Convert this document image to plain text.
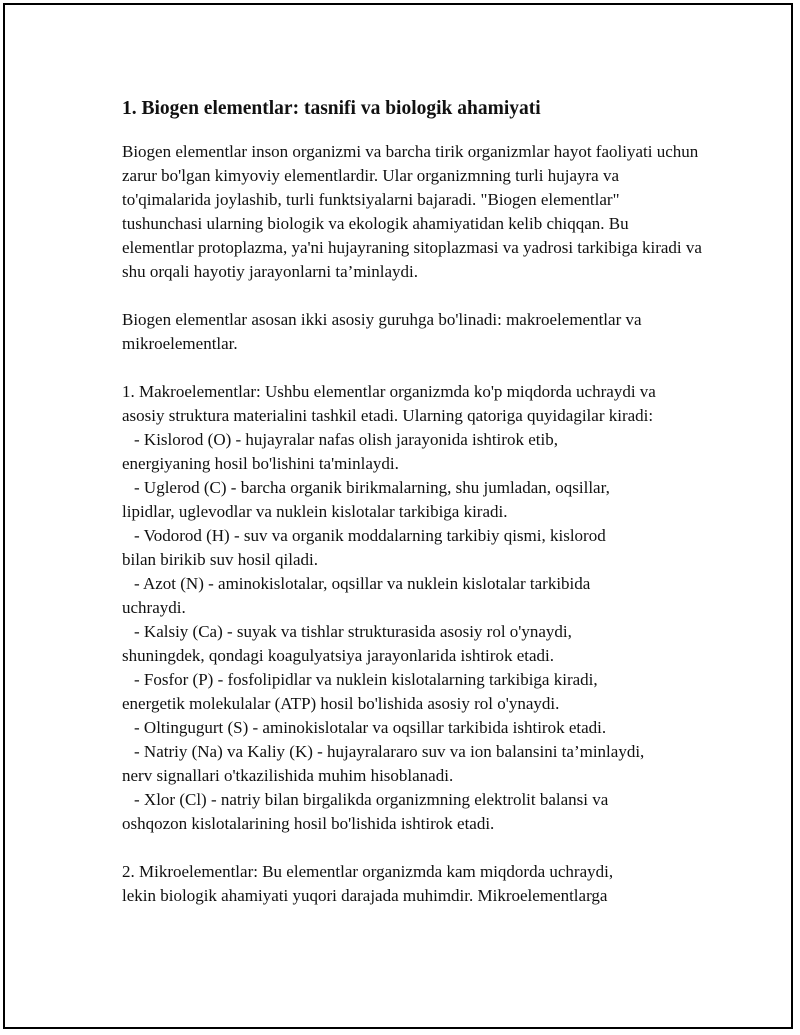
1. Biogen elementlar: tasnifi va biologik ahamiyati

Biogen elementlar inson organizmi va barcha tirik organizmlar hayot faoliyati uchun zarur bo'lgan kimyoviy elementlardir. Ular organizmning turli hujayra va to'qimalarida joylashib, turli funktsiyalarni bajaradi. "Biogen elementlar" tushunchasi ularning biologik va ekologik ahamiyatidan kelib chiqqan. Bu elementlar protoplazma, ya'ni hujayraning sitoplazmasi va yadrosi tarkibiga kiradi va shu orqali hayotiy jarayonlarni ta’minlaydi.

Biogen elementlar asosan ikki asosiy guruhga bo'linadi: makroelementlar va mikroelementlar.

1. Makroelementlar: Ushbu elementlar organizmda ko'p miqdorda uchraydi va asosiy struktura materialini tashkil etadi. Ularning qatoriga quyidagilar kiradi:

- Kislorod (O) - hujayralar nafas olish jarayonida ishtirok etib,
energiyaning hosil bo'lishini ta'minlaydi.
- Uglerod (C) - barcha organik birikmalarning, shu jumladan, oqsillar,
lipidlar, uglevodlar va nuklein kislotalar tarkibiga kiradi.
- Vodorod (H) - suv va organik moddalarning tarkibiy qismi, kislorod
bilan birikib suv hosil qiladi.
- Azot (N) - aminokislotalar, oqsillar va nuklein kislotalar tarkibida
uchraydi.
- Kalsiy (Ca) - suyak va tishlar strukturasida asosiy rol o'ynaydi,
shuningdek, qondagi koagulyatsiya jarayonlarida ishtirok etadi.
- Fosfor (P) - fosfolipidlar va nuklein kislotalarning tarkibiga kiradi,
energetik molekulalar (ATP) hosil bo'lishida asosiy rol o'ynaydi.
- Oltingugurt (S) - aminokislotalar va oqsillar tarkibida ishtirok etadi.
- Natriy (Na) va Kaliy (K) - hujayralararo suv va ion balansini ta’minlaydi,
nerv signallari o'tkazilishida muhim hisoblanadi.
- Xlor (Cl) - natriy bilan birgalikda organizmning elektrolit balansi va
oshqozon kislotalarining hosil bo'lishida ishtirok etadi.
2. Mikroelementlar: Bu elementlar organizmda kam miqdorda uchraydi,
lekin biologik ahamiyati yuqori darajada muhimdir. Mikroelementlarga
